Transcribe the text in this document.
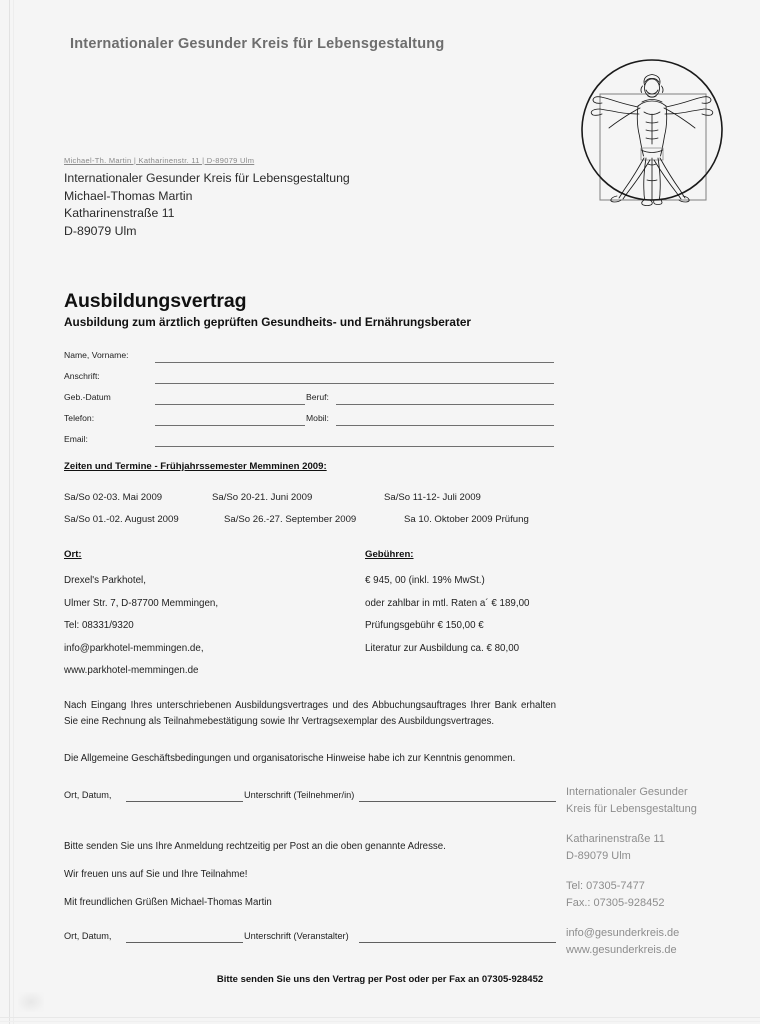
Internationaler Gesunder Kreis für Lebensgestaltung
Michael-Th. Martin | Katharinenstr. 11 | D-89079 Ulm
Internationaler Gesunder Kreis für Lebensgestaltung
Michael-Thomas Martin
Katharinenstraße 11
D-89079 Ulm
Ausbildungsvertrag
Ausbildung zum ärztlich geprüften Gesundheits- und Ernährungsberater
Name, Vorname:
Anschrift:
Geb.-Datum	Beruf:
Telefon:	Mobil:
Email:
Zeiten und Termine - Frühjahrssemester Memminen 2009:
Sa/So 02-03. Mai 2009	Sa/So 20-21. Juni 2009	Sa/So 11-12- Juli 2009
Sa/So 01.-02. August 2009	Sa/So 26.-27. September 2009	Sa 10. Oktober 2009 Prüfung
Ort:
Drexel's Parkhotel,
Ulmer Str. 7, D-87700 Memmingen,
Tel: 08331/9320
info@parkhotel-memmingen.de,
www.parkhotel-memmingen.de
Gebühren:
€ 945, 00 (inkl. 19% MwSt.)
oder zahlbar in mtl. Raten a´ € 189,00
Prüfungsgebühr € 150,00 €
Literatur zur Ausbildung ca. € 80,00
Nach Eingang Ihres unterschriebenen Ausbildungsvertrages und des Abbuchungsauftrages Ihrer Bank erhalten Sie eine Rechnung als Teilnahmebestätigung sowie Ihr Vertragsexemplar des Ausbildungsvertrages.
Die Allgemeine Geschäftsbedingungen und organisatorische Hinweise habe ich zur Kenntnis genommen.
Ort, Datum,	Unterschrift (Teilnehmer/in)
Bitte senden Sie uns Ihre Anmeldung rechtzeitig per Post an die oben genannte Adresse.
Wir freuen uns auf Sie und Ihre Teilnahme!
Mit freundlichen Grüßen Michael-Thomas Martin
Ort, Datum,	Unterschrift (Veranstalter)
Bitte senden Sie uns den Vertrag per Post oder per Fax an 07305-928452
Internationaler Gesunder
Kreis für Lebensgestaltung
Katharinenstraße 11
D-89079 Ulm
Tel: 07305-7477
Fax.: 07305-928452
info@gesunderkreis.de
www.gesunderkreis.de
